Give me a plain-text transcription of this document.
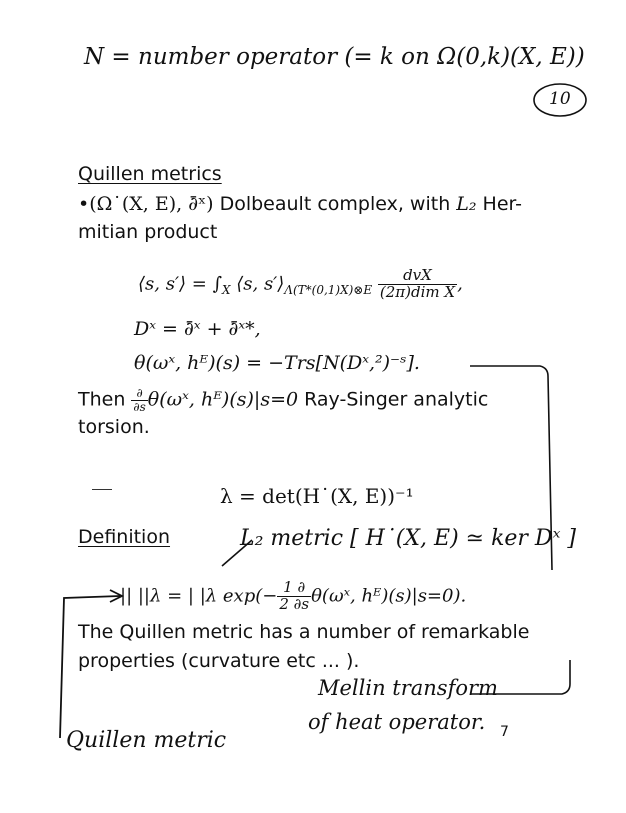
N = number operator (= k on Ω(0,k)(X, E))
10
Quillen metrics
•(Ω˙(X, E), ∂̄ˣ) Dolbeault complex, with L₂ Her-
mitian product
⟨s, s′⟩ = $\int_X$ ⟨s, $s'⟩_{\Lambda(T*(0,1)X)\otimes E} \frac{\text{dvX}}{\text{(2π)dim X}}$ ,
Dˣ = ∂̄ˣ + ∂̄ˣ*,
θ(ωˣ, hᴱ)(s) = −Trs[N(Dˣ,²)⁻ˢ].
Then $\frac{\partial}{\partial s}$ θ(ωˣ, hᴱ)(s)|s=0 Ray-Singer analytic
torsion.
λ = det(H˙(X, E))⁻¹
Definition	L₂ metric [ H˙(X, E) ≃ ker Dˣ ]
|| ||λ = | |λ $\exp(- \frac{1 \partial}{2 \partial s}$ θ(ωˣ, hᴱ)(s)|s=0).
The Quillen metric has a number of remarkable
properties (curvature etc ... ).
Mellin transform
of heat operator. 7
Quillen metric
